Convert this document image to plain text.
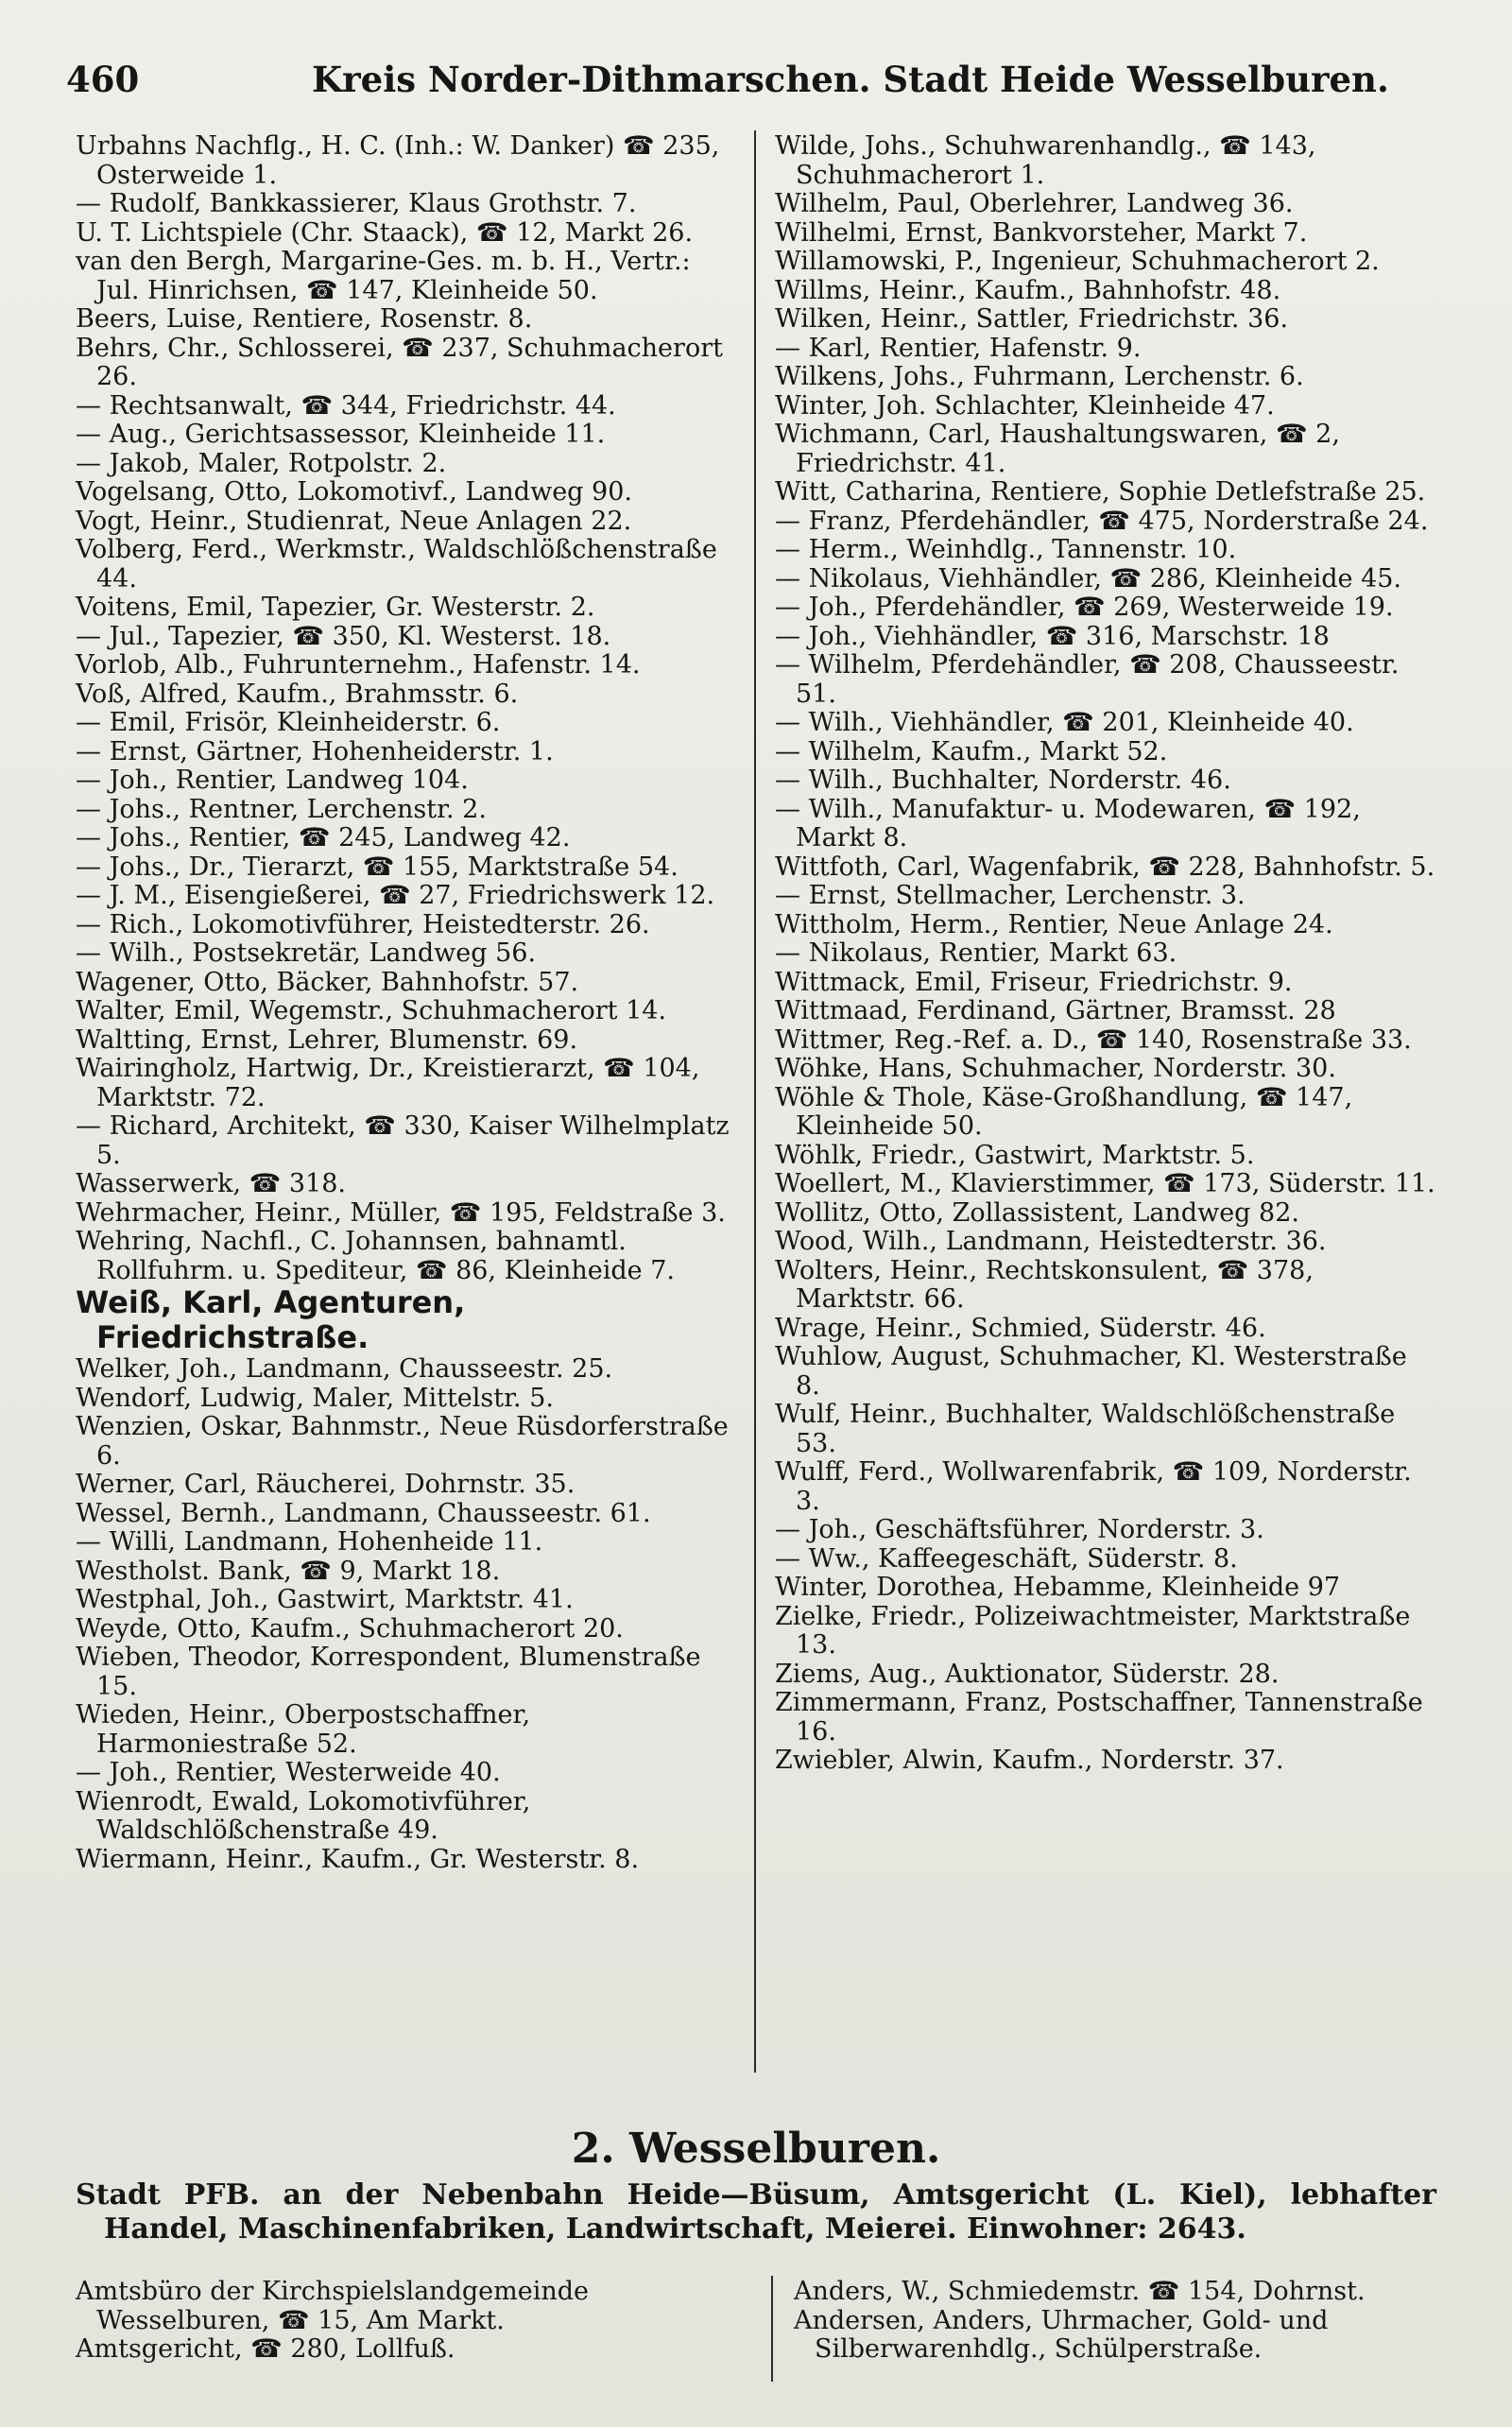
460	Kreis Norder-Dithmarschen. Stadt Heide Wesselburen.

Urbahns Nachflg., H. C. (Inh.: W. Danker) ☎ 235, Osterweide 1.

— Rudolf, Bankkassierer, Klaus Grothstr. 7.

U. T. Lichtspiele (Chr. Staack), ☎ 12, Markt 26.

van den Bergh, Margarine-Ges. m. b. H., Vertr.: Jul. Hinrichsen, ☎ 147, Kleinheide 50.

Beers, Luise, Rentiere, Rosenstr. 8.

Behrs, Chr., Schlosserei, ☎ 237, Schuhmacherort 26.

— Rechtsanwalt, ☎ 344, Friedrichstr. 44.

— Aug., Gerichtsassessor, Kleinheide 11.

— Jakob, Maler, Rotpolstr. 2.

Vogelsang, Otto, Lokomotivf., Landweg 90.

Vogt, Heinr., Studienrat, Neue Anlagen 22.

Volberg, Ferd., Werkmstr., Waldschlößchenstraße 44.

Voitens, Emil, Tapezier, Gr. Westerstr. 2.

— Jul., Tapezier, ☎ 350, Kl. Westerst. 18.

Vorlob, Alb., Fuhrunternehm., Hafenstr. 14.

Voß, Alfred, Kaufm., Brahmsstr. 6.

— Emil, Frisör, Kleinheiderstr. 6.

— Ernst, Gärtner, Hohenheiderstr. 1.

— Joh., Rentier, Landweg 104.

— Johs., Rentner, Lerchenstr. 2.

— Johs., Rentier, ☎ 245, Landweg 42.

— Johs., Dr., Tierarzt, ☎ 155, Marktstraße 54.

— J. M., Eisengießerei, ☎ 27, Friedrichswerk 12.

— Rich., Lokomotivführer, Heistedterstr. 26.

— Wilh., Postsekretär, Landweg 56.

Wagener, Otto, Bäcker, Bahnhofstr. 57.

Walter, Emil, Wegemstr., Schuhmacherort 14.

Waltting, Ernst, Lehrer, Blumenstr. 69.

Wairingholz, Hartwig, Dr., Kreistierarzt, ☎ 104, Marktstr. 72.

— Richard, Architekt, ☎ 330, Kaiser Wilhelmplatz 5.

Wasserwerk, ☎ 318.

Wehrmacher, Heinr., Müller, ☎ 195, Feldstraße 3.

Wehring, Nachfl., C. Johannsen, bahnamtl. Rollfuhrm. u. Spediteur, ☎ 86, Kleinheide 7.

Weiß, Karl, Agenturen, Friedrichstraße.

Welker, Joh., Landmann, Chausseestr. 25.

Wendorf, Ludwig, Maler, Mittelstr. 5.

Wenzien, Oskar, Bahnmstr., Neue Rüsdorferstraße 6.

Werner, Carl, Räucherei, Dohrnstr. 35.

Wessel, Bernh., Landmann, Chausseestr. 61.

— Willi, Landmann, Hohenheide 11.

Westholst. Bank, ☎ 9, Markt 18.

Westphal, Joh., Gastwirt, Marktstr. 41.

Weyde, Otto, Kaufm., Schuhmacherort 20.

Wieben, Theodor, Korrespondent, Blumenstraße 15.

Wieden, Heinr., Oberpostschaffner, Harmoniestraße 52.

— Joh., Rentier, Westerweide 40.

Wienrodt, Ewald, Lokomotivführer, Waldschlößchenstraße 49.

Wiermann, Heinr., Kaufm., Gr. Westerstr. 8.

Wilde, Johs., Schuhwarenhandlg., ☎ 143, Schuhmacherort 1.

Wilhelm, Paul, Oberlehrer, Landweg 36.

Wilhelmi, Ernst, Bankvorsteher, Markt 7.

Willamowski, P., Ingenieur, Schuhmacherort 2.

Willms, Heinr., Kaufm., Bahnhofstr. 48.

Wilken, Heinr., Sattler, Friedrichstr. 36.

— Karl, Rentier, Hafenstr. 9.

Wilkens, Johs., Fuhrmann, Lerchenstr. 6.

Winter, Joh. Schlachter, Kleinheide 47.

Wichmann, Carl, Haushaltungswaren, ☎ 2, Friedrichstr. 41.

Witt, Catharina, Rentiere, Sophie Detlefstraße 25.

— Franz, Pferdehändler, ☎ 475, Norderstraße 24.

— Herm., Weinhdlg., Tannenstr. 10.

— Nikolaus, Viehhändler, ☎ 286, Kleinheide 45.

— Joh., Pferdehändler, ☎ 269, Westerweide 19.

— Joh., Viehhändler, ☎ 316, Marschstr. 18

— Wilhelm, Pferdehändler, ☎ 208, Chausseestr. 51.

— Wilh., Viehhändler, ☎ 201, Kleinheide 40.

— Wilhelm, Kaufm., Markt 52.

— Wilh., Buchhalter, Norderstr. 46.

— Wilh., Manufaktur- u. Modewaren, ☎ 192, Markt 8.

Wittfoth, Carl, Wagenfabrik, ☎ 228, Bahnhofstr. 5.

— Ernst, Stellmacher, Lerchenstr. 3.

Wittholm, Herm., Rentier, Neue Anlage 24.

— Nikolaus, Rentier, Markt 63.

Wittmack, Emil, Friseur, Friedrichstr. 9.

Wittmaad, Ferdinand, Gärtner, Bramsst. 28

Wittmer, Reg.-Ref. a. D., ☎ 140, Rosenstraße 33.

Wöhke, Hans, Schuhmacher, Norderstr. 30.

Wöhle & Thole, Käse-Großhandlung, ☎ 147, Kleinheide 50.

Wöhlk, Friedr., Gastwirt, Marktstr. 5.

Woellert, M., Klavierstimmer, ☎ 173, Süderstr. 11.

Wollitz, Otto, Zollassistent, Landweg 82.

Wood, Wilh., Landmann, Heistedterstr. 36.

Wolters, Heinr., Rechtskonsulent, ☎ 378, Marktstr. 66.

Wrage, Heinr., Schmied, Süderstr. 46.

Wuhlow, August, Schuhmacher, Kl. Westerstraße 8.

Wulf, Heinr., Buchhalter, Waldschlößchenstraße 53.

Wulff, Ferd., Wollwarenfabrik, ☎ 109, Norderstr. 3.

— Joh., Geschäftsführer, Norderstr. 3.

— Ww., Kaffeegeschäft, Süderstr. 8.

Winter, Dorothea, Hebamme, Kleinheide 97

Zielke, Friedr., Polizeiwachtmeister, Marktstraße 13.

Ziems, Aug., Auktionator, Süderstr. 28.

Zimmermann, Franz, Postschaffner, Tannenstraße 16.

Zwiebler, Alwin, Kaufm., Norderstr. 37.

2. Wesselburen.

Stadt PFB. an der Nebenbahn Heide—Büsum, Amtsgericht (L. Kiel), lebhafter Handel, Maschinenfabriken, Landwirtschaft, Meierei. Einwohner: 2643.

Amtsbüro der Kirchspielslandgemeinde Wesselburen, ☎ 15, Am Markt.

Amtsgericht, ☎ 280, Lollfuß.

Anders, W., Schmiedemstr. ☎ 154, Dohrnst.

Andersen, Anders, Uhrmacher, Gold- und Silberwarenhdlg., Schülperstraße.
